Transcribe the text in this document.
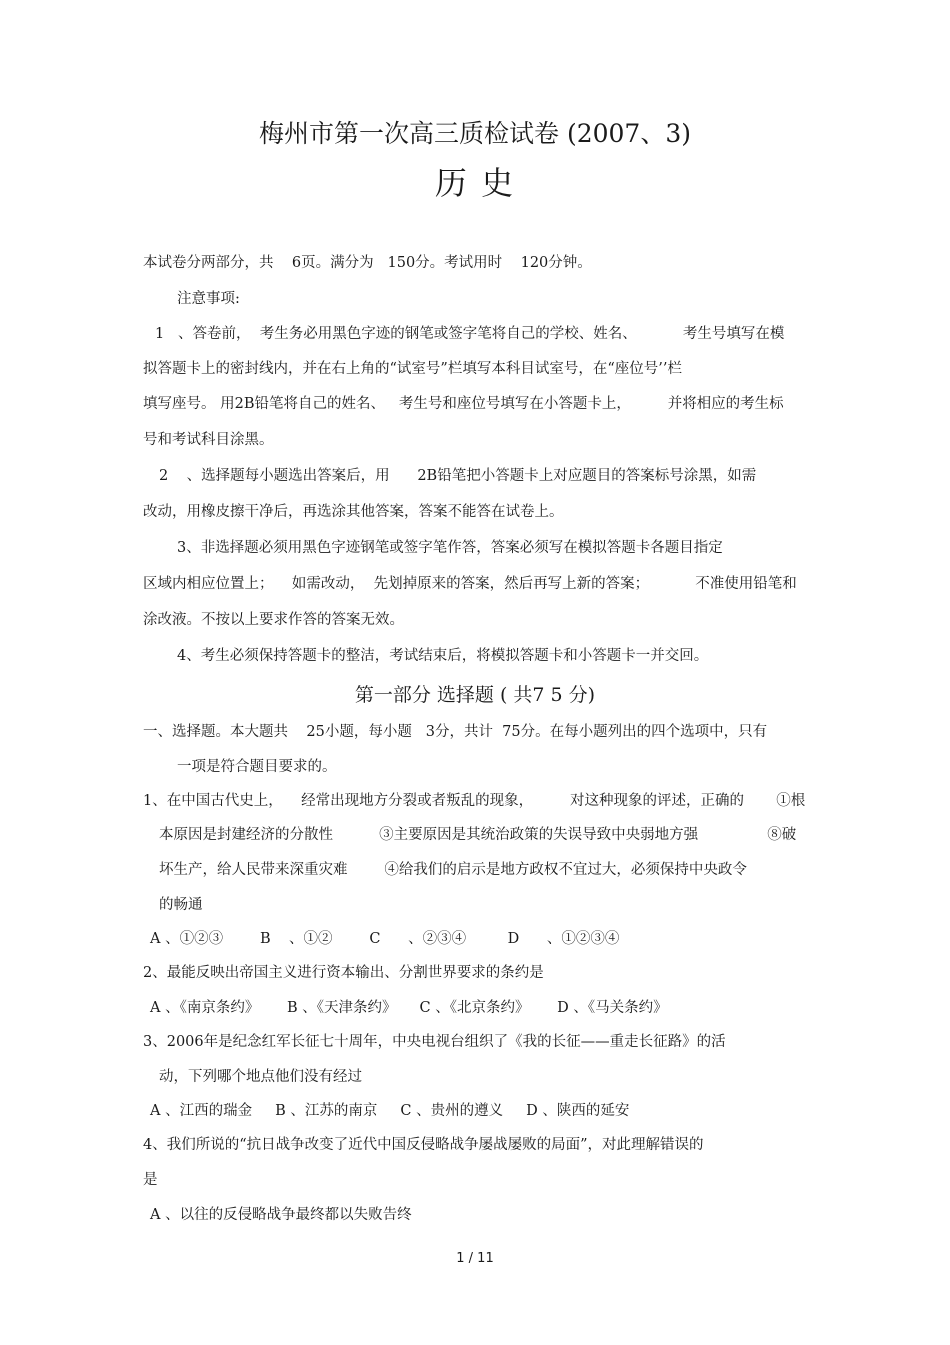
梅州市第一次高三质检试卷 (2007、3)
历 史
本试卷分两部分，共    6页。满分为   150分。考试用时    120分钟。
注意事项:
1   、答卷前，  考生务必用黑色字迹的钢笔或签字笔将自己的学校、姓名、          考生号填写在模
拟答题卡上的密封线内，并在右上角的“试室号”栏填写本科目试室号，在“座位号’’栏
填写座号。 用2B铅笔将自己的姓名、   考生号和座位号填写在小答题卡上，        并将相应的考生标
号和考试科目涂黑。
2    、选择题每小题选出答案后，用      2B铅笔把小答题卡上对应题目的答案标号涂黑，如需
改动，用橡皮擦干净后，再选涂其他答案，答案不能答在试卷上。
3、非选择题必须用黑色字迹钢笔或签字笔作答，答案必须写在模拟答题卡各题目指定
区域内相应位置上；    如需改动，  先划掉原来的答案，然后再写上新的答案；          不准使用铅笔和
涂改液。不按以上要求作答的答案无效。
4、考生必须保持答题卡的整洁，考试结束后，将模拟答题卡和小答题卡一并交回。
第一部分 选择题 ( 共7 5 分)
一、选择题。本大题共    25小题，每小题   3分，共计  75分。在每小题列出的四个选项中，只有
一项是符合题目要求的。
1、在中国古代史上，    经常出现地方分裂或者叛乱的现象，        对这种现象的评述，正确的       ①根
本原因是封建经济的分散性          ③主要原因是其统治政策的失误导致中央弱地方强               ⑧破
坏生产，给人民带来深重灾难        ④给我们的启示是地方政权不宜过大，必须保持中央政令
的畅通
A 、①②③        B    、①②        C      、②③④         D      、①②③④
2、最能反映出帝国主义进行资本输出、分割世界要求的条约是
A 、《南京条约》      B 、《天津条约》     C 、《北京条约》      D 、《马关条约》
3、2006年是纪念红军长征七十周年，中央电视台组织了《我的长征——重走长征路》的活
动，下列哪个地点他们没有经过
A 、江西的瑞金     B 、江苏的南京     C 、贵州的遵义     D 、陕西的延安
4、我们所说的“抗日战争改变了近代中国反侵略战争屡战屡败的局面”，对此理解错误的
是
A 、以往的反侵略战争最终都以失败告终
1 / 11
